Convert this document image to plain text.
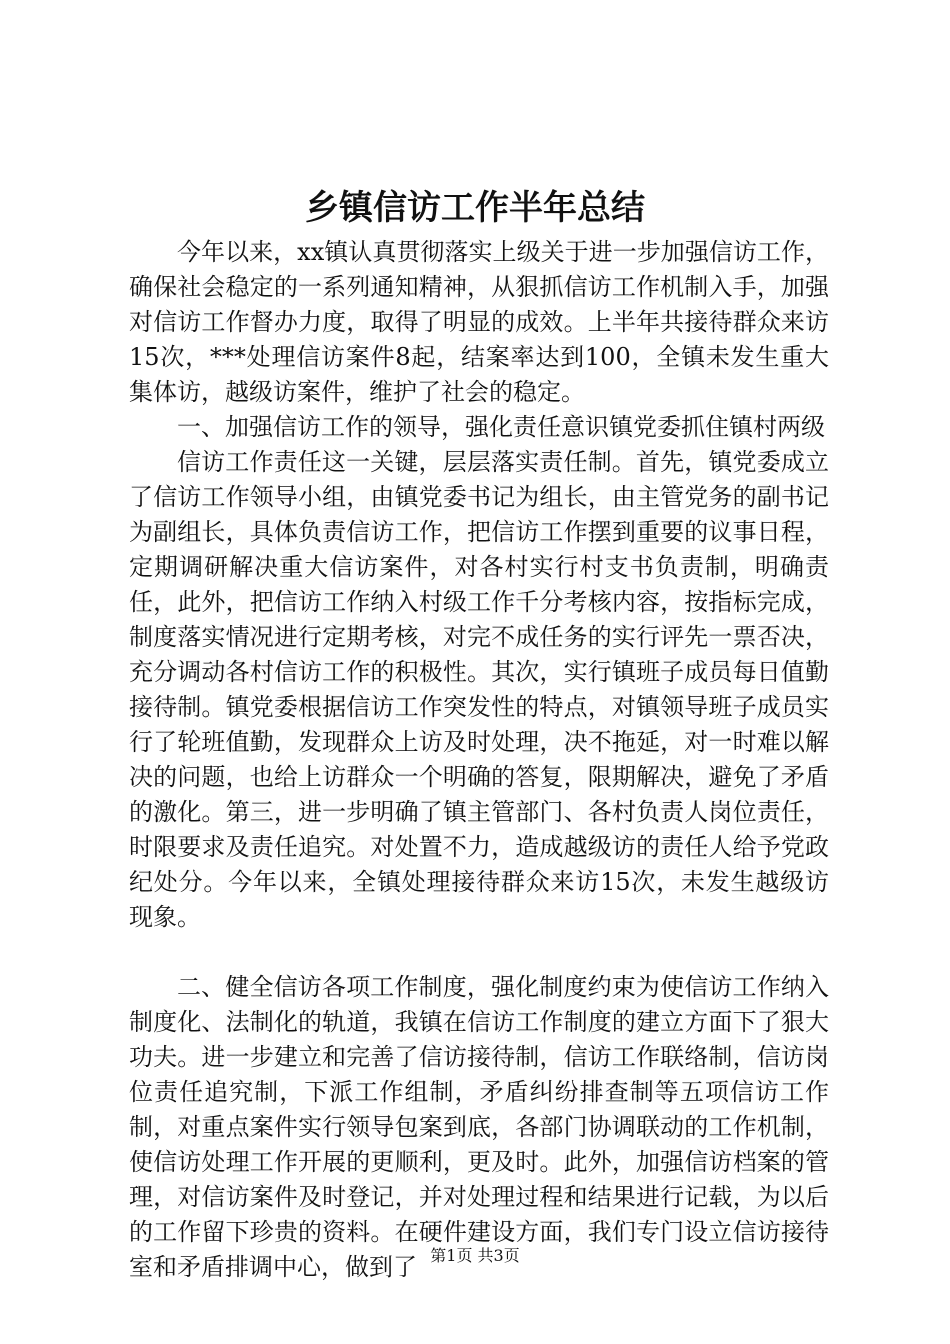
乡镇信访工作半年总结

今年以来，xx镇认真贯彻落实上级关于进一步加强信访工作，确保社会稳定的一系列通知精神，从狠抓信访工作机制入手，加强对信访工作督办力度，取得了明显的成效。上半年共接待群众来访15次，***处理信访案件8起，结案率达到100，全镇未发生重大集体访，越级访案件，维护了社会的稳定。

一、加强信访工作的领导，强化责任意识镇党委抓住镇村两级

信访工作责任这一关键，层层落实责任制。首先，镇党委成立了信访工作领导小组，由镇党委书记为组长，由主管党务的副书记为副组长，具体负责信访工作，把信访工作摆到重要的议事日程，定期调研解决重大信访案件，对各村实行村支书负责制，明确责任，此外，把信访工作纳入村级工作千分考核内容，按指标完成，制度落实情况进行定期考核，对完不成任务的实行评先一票否决，充分调动各村信访工作的积极性。其次，实行镇班子成员每日值勤接待制。镇党委根据信访工作突发性的特点，对镇领导班子成员实行了轮班值勤，发现群众上访及时处理，决不拖延，对一时难以解决的问题，也给上访群众一个明确的答复，限期解决，避免了矛盾的激化。第三，进一步明确了镇主管部门、各村负责人岗位责任，时限要求及责任追究。对处置不力，造成越级访的责任人给予党政纪处分。今年以来，全镇处理接待群众来访15次，未发生越级访现象。

二、健全信访各项工作制度，强化制度约束为使信访工作纳入制度化、法制化的轨道，我镇在信访工作制度的建立方面下了狠大功夫。进一步建立和完善了信访接待制，信访工作联络制，信访岗位责任追究制，下派工作组制，矛盾纠纷排查制等五项信访工作制，对重点案件实行领导包案到底，各部门协调联动的工作机制，使信访处理工作开展的更顺利，更及时。此外，加强信访档案的管理，对信访案件及时登记，并对处理过程和结果进行记载，为以后的工作留下珍贵的资料。在硬件建设方面，我们专门设立信访接待室和矛盾排调中心，做到了 第1页 共3页
